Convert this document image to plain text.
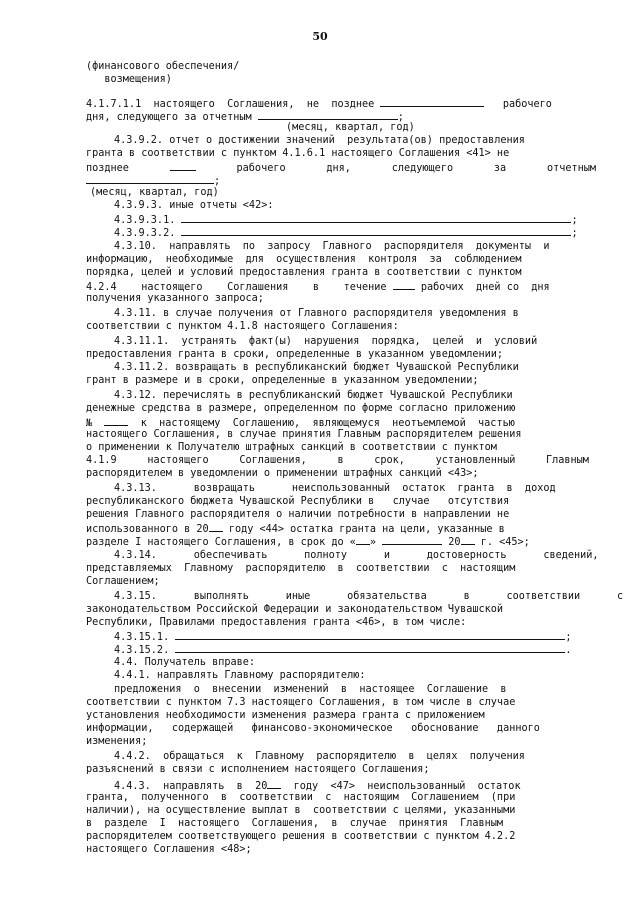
50
(финансового обеспечения/
возмещения)
4.1.7.1.1  настоящего  Соглашения,  не  позднее	рабочего
дня, следующего за отчетным	;
(месяц, квартал, год)
4.3.9.2. отчет о достижении значений  результата(ов) предоставления
гранта в соответствии с пунктом 4.1.6.1 настоящего Соглашения <41> не
позднее	рабочего	дня,	следующего	за	отчетным
;
(месяц, квартал, год)
4.3.9.3. иные отчеты <42>:
4.3.9.3.1.	;
4.3.9.3.2.	;
4.3.10.  направлять  по  запросу  Главного  распорядителя  документы  и
информацию,  необходимые  для  осуществления  контроля  за  соблюдением
порядка, целей и условий предоставления гранта в соответствии с пунктом
4.2.4    настоящего    Соглашения    в    течение	рабочих  дней со  дня
получения указанного запроса;
4.3.11. в случае получения от Главного распорядителя уведомления в
соответствии с пунктом 4.1.8 настоящего Соглашения:
4.3.11.1.  устранять  факт(ы)  нарушения  порядка,  целей  и  условий
предоставления гранта в сроки, определенные в указанном уведомлении;
4.3.11.2. возвращать в республиканский бюджет Чувашской Республики
грант в размере и в сроки, определенные в указанном уведомлении;
4.3.12. перечислять в республиканский бюджет Чувашской Республики
денежные средства в размере, определенном по форме согласно приложению
№	к  настоящему  Соглашению,  являющемуся  неотъемлемой  частью
настоящего Соглашения, в случае принятия Главным распорядителем решения
о применении к Получателю штрафных санкций в соответствии с пунктом
4.1.9     настоящего     Соглашения,     в     срок,     установленный     Главным
распорядителем в уведомлении о применении штрафных санкций <43>;
4.3.13.      возвращать      неиспользованный  остаток  гранта  в  доход
республиканского бюджета Чувашской Республики в   случае   отсутствия
решения Главного распорядителя о наличии потребности в направлении не
использованного в 20 году <44> остатка гранта на цели, указанные в
разделе I настоящего Соглашения, в срок до « »	20 г. <45>;
4.3.14.      обеспечивать      полноту      и      достоверность      сведений,
представляемых  Главному  распорядителю  в  соответствии  с  настоящим
Соглашением;
4.3.15.      выполнять      иные      обязательства      в      соответствии      с
законодательством Российской Федерации и законодательством Чувашской
Республики, Правилами предоставления гранта <46>, в том числе:
4.3.15.1.	;
4.3.15.2.	.
4.4. Получатель вправе:
4.4.1. направлять Главному распорядителю:
предложения  о  внесении  изменений  в  настоящее  Соглашение  в
соответствии с пунктом 7.3 настоящего Соглашения, в том числе в случае
установления необходимости изменения размера гранта с приложением
информации,   содержащей   финансово-экономическое   обоснование   данного
изменения;
4.4.2.  обращаться  к  Главному  распорядителю  в  целях  получения
разъяснений в связи с исполнением настоящего Соглашения;
4.4.3.  направлять  в  20	году  <47>  неиспользованный  остаток
гранта,  полученного  в  соответствии  с  настоящим  Соглашением  (при
наличии), на осуществление выплат в  соответствии с целями, указанными
в  разделе  I  настоящего  Соглашения,  в  случае  принятия  Главным
распорядителем соответствующего решения в соответствии с пунктом 4.2.2
настоящего Соглашения <48>;
